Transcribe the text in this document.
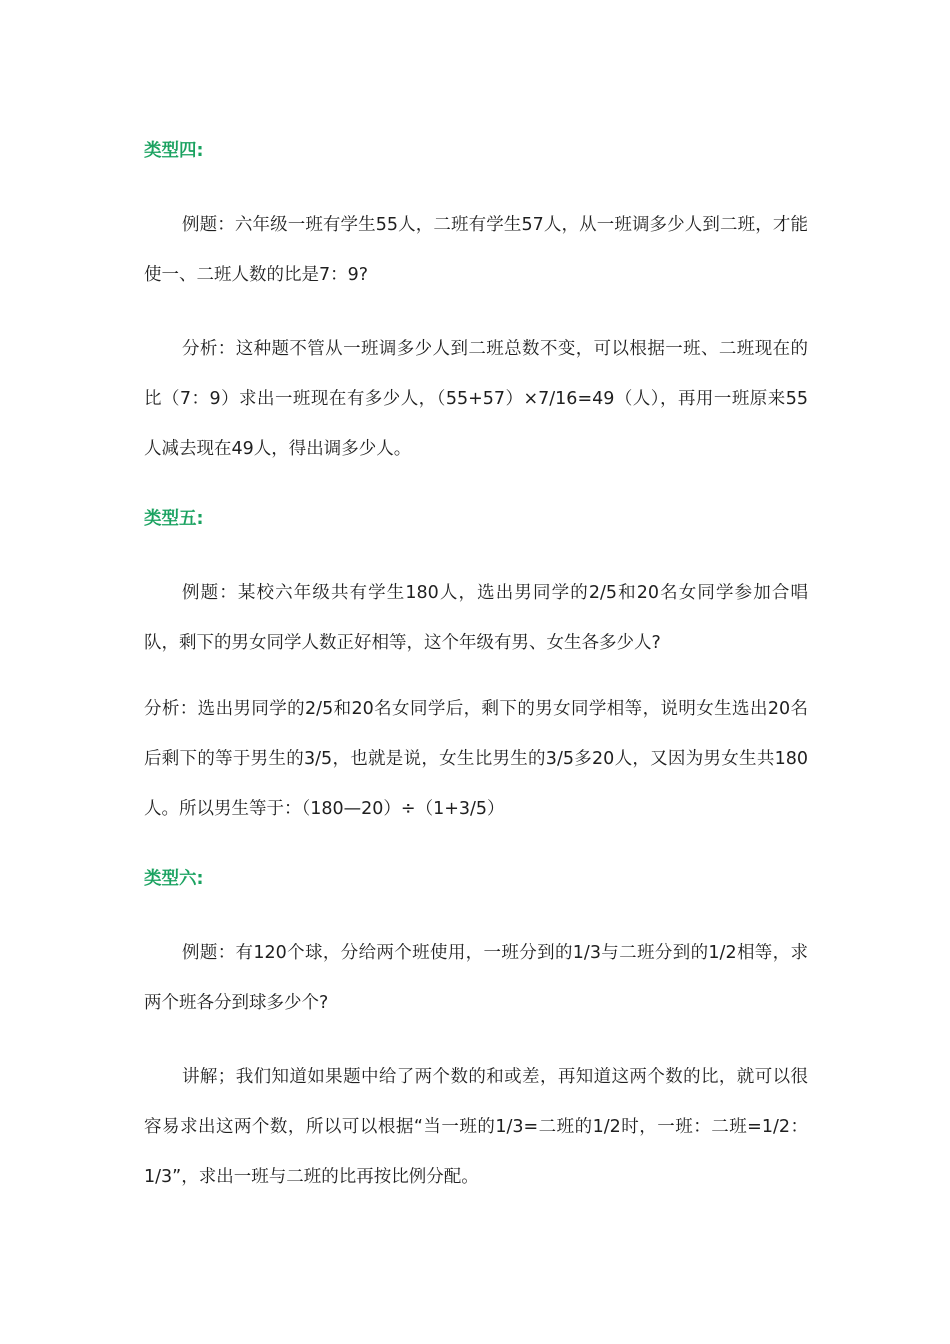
类型四:

例题：六年级一班有学生55人，二班有学生57人，从一班调多少人到二班，才能使一、二班人数的比是7：9?

分析：这种题不管从一班调多少人到二班总数不变，可以根据一班、二班现在的比（7：9）求出一班现在有多少人，（55+57）×7/16=49（人），再用一班原来55人减去现在49人，得出调多少人。

类型五:

例题：某校六年级共有学生180人，选出男同学的2/5和20名女同学参加合唱队，剩下的男女同学人数正好相等，这个年级有男、女生各多少人?

分析：选出男同学的2/5和20名女同学后，剩下的男女同学相等，说明女生选出20名后剩下的等于男生的3/5，也就是说，女生比男生的3/5多20人，又因为男女生共180人。所以男生等于：（180—20）÷（1+3/5）

类型六:

例题：有120个球，分给两个班使用，一班分到的1/3与二班分到的1/2相等，求两个班各分到球多少个?

讲解；我们知道如果题中给了两个数的和或差，再知道这两个数的比，就可以很容易求出这两个数，所以可以根据“当一班的1/3=二班的1/2时，一班：二班=1/2：1/3”，求出一班与二班的比再按比例分配。
